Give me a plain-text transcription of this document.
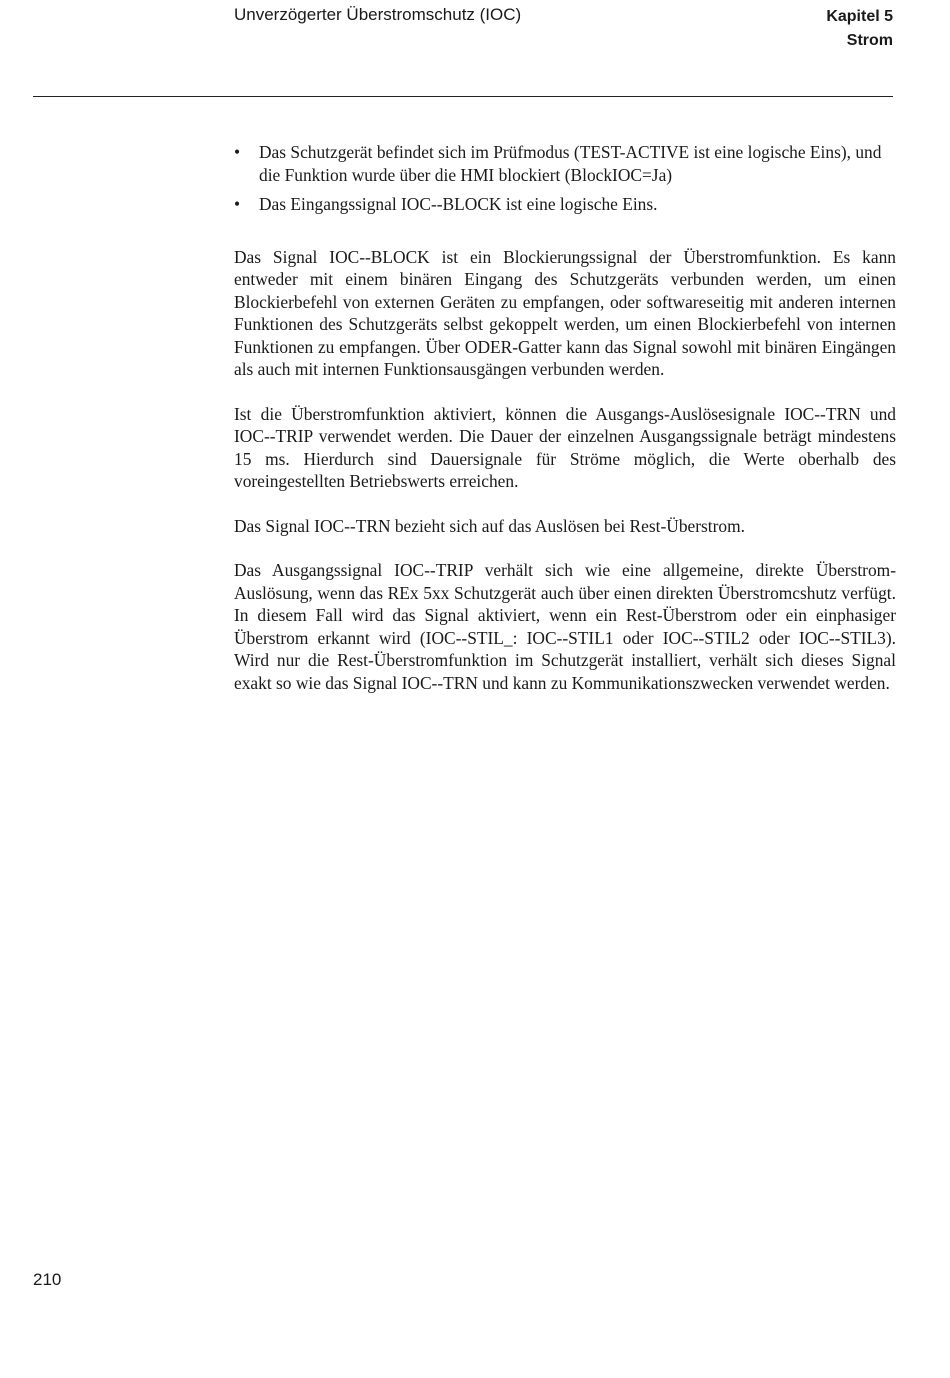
Unverzögerter Überstromschutz (IOC)	Kapitel 5
Strom
• Das Schutzgerät befindet sich im Prüfmodus (TEST-ACTIVE ist eine logische Eins), und die Funktion wurde über die HMI blockiert (BlockIOC=Ja)
• Das Eingangssignal IOC--BLOCK ist eine logische Eins.

Das Signal IOC--BLOCK ist ein Blockierungssignal der Überstromfunktion. Es kann entweder mit einem binären Eingang des Schutzgeräts verbunden werden, um einen Blockierbefehl von externen Geräten zu empfangen, oder softwareseitig mit anderen internen Funktionen des Schutzgeräts selbst gekoppelt werden, um einen Blockierbefehl von internen Funktionen zu empfangen. Über ODER-Gatter kann das Signal sowohl mit binären Eingängen als auch mit internen Funktionsausgängen verbunden werden.

Ist die Überstromfunktion aktiviert, können die Ausgangs-Auslösesignale IOC--TRN und IOC--TRIP verwendet werden. Die Dauer der einzelnen Ausgangssignale beträgt mindestens 15 ms. Hierdurch sind Dauersignale für Ströme möglich, die Werte oberhalb des voreingestellten Betriebswerts erreichen.

Das Signal IOC--TRN bezieht sich auf das Auslösen bei Rest-Überstrom.

Das Ausgangssignal IOC--TRIP verhält sich wie eine allgemeine, direkte Überstrom-Auslösung, wenn das REx 5xx Schutzgerät auch über einen direkten Überstromcshutz verfügt. In diesem Fall wird das Signal aktiviert, wenn ein Rest-Überstrom oder ein einphasiger Überstrom erkannt wird (IOC--STIL_: IOC--STIL1 oder IOC--STIL2 oder IOC--STIL3). Wird nur die Rest-Überstromfunktion im Schutzgerät installiert, verhält sich dieses Signal exakt so wie das Signal IOC--TRN und kann zu Kommunikationszwecken verwendet werden.

210
